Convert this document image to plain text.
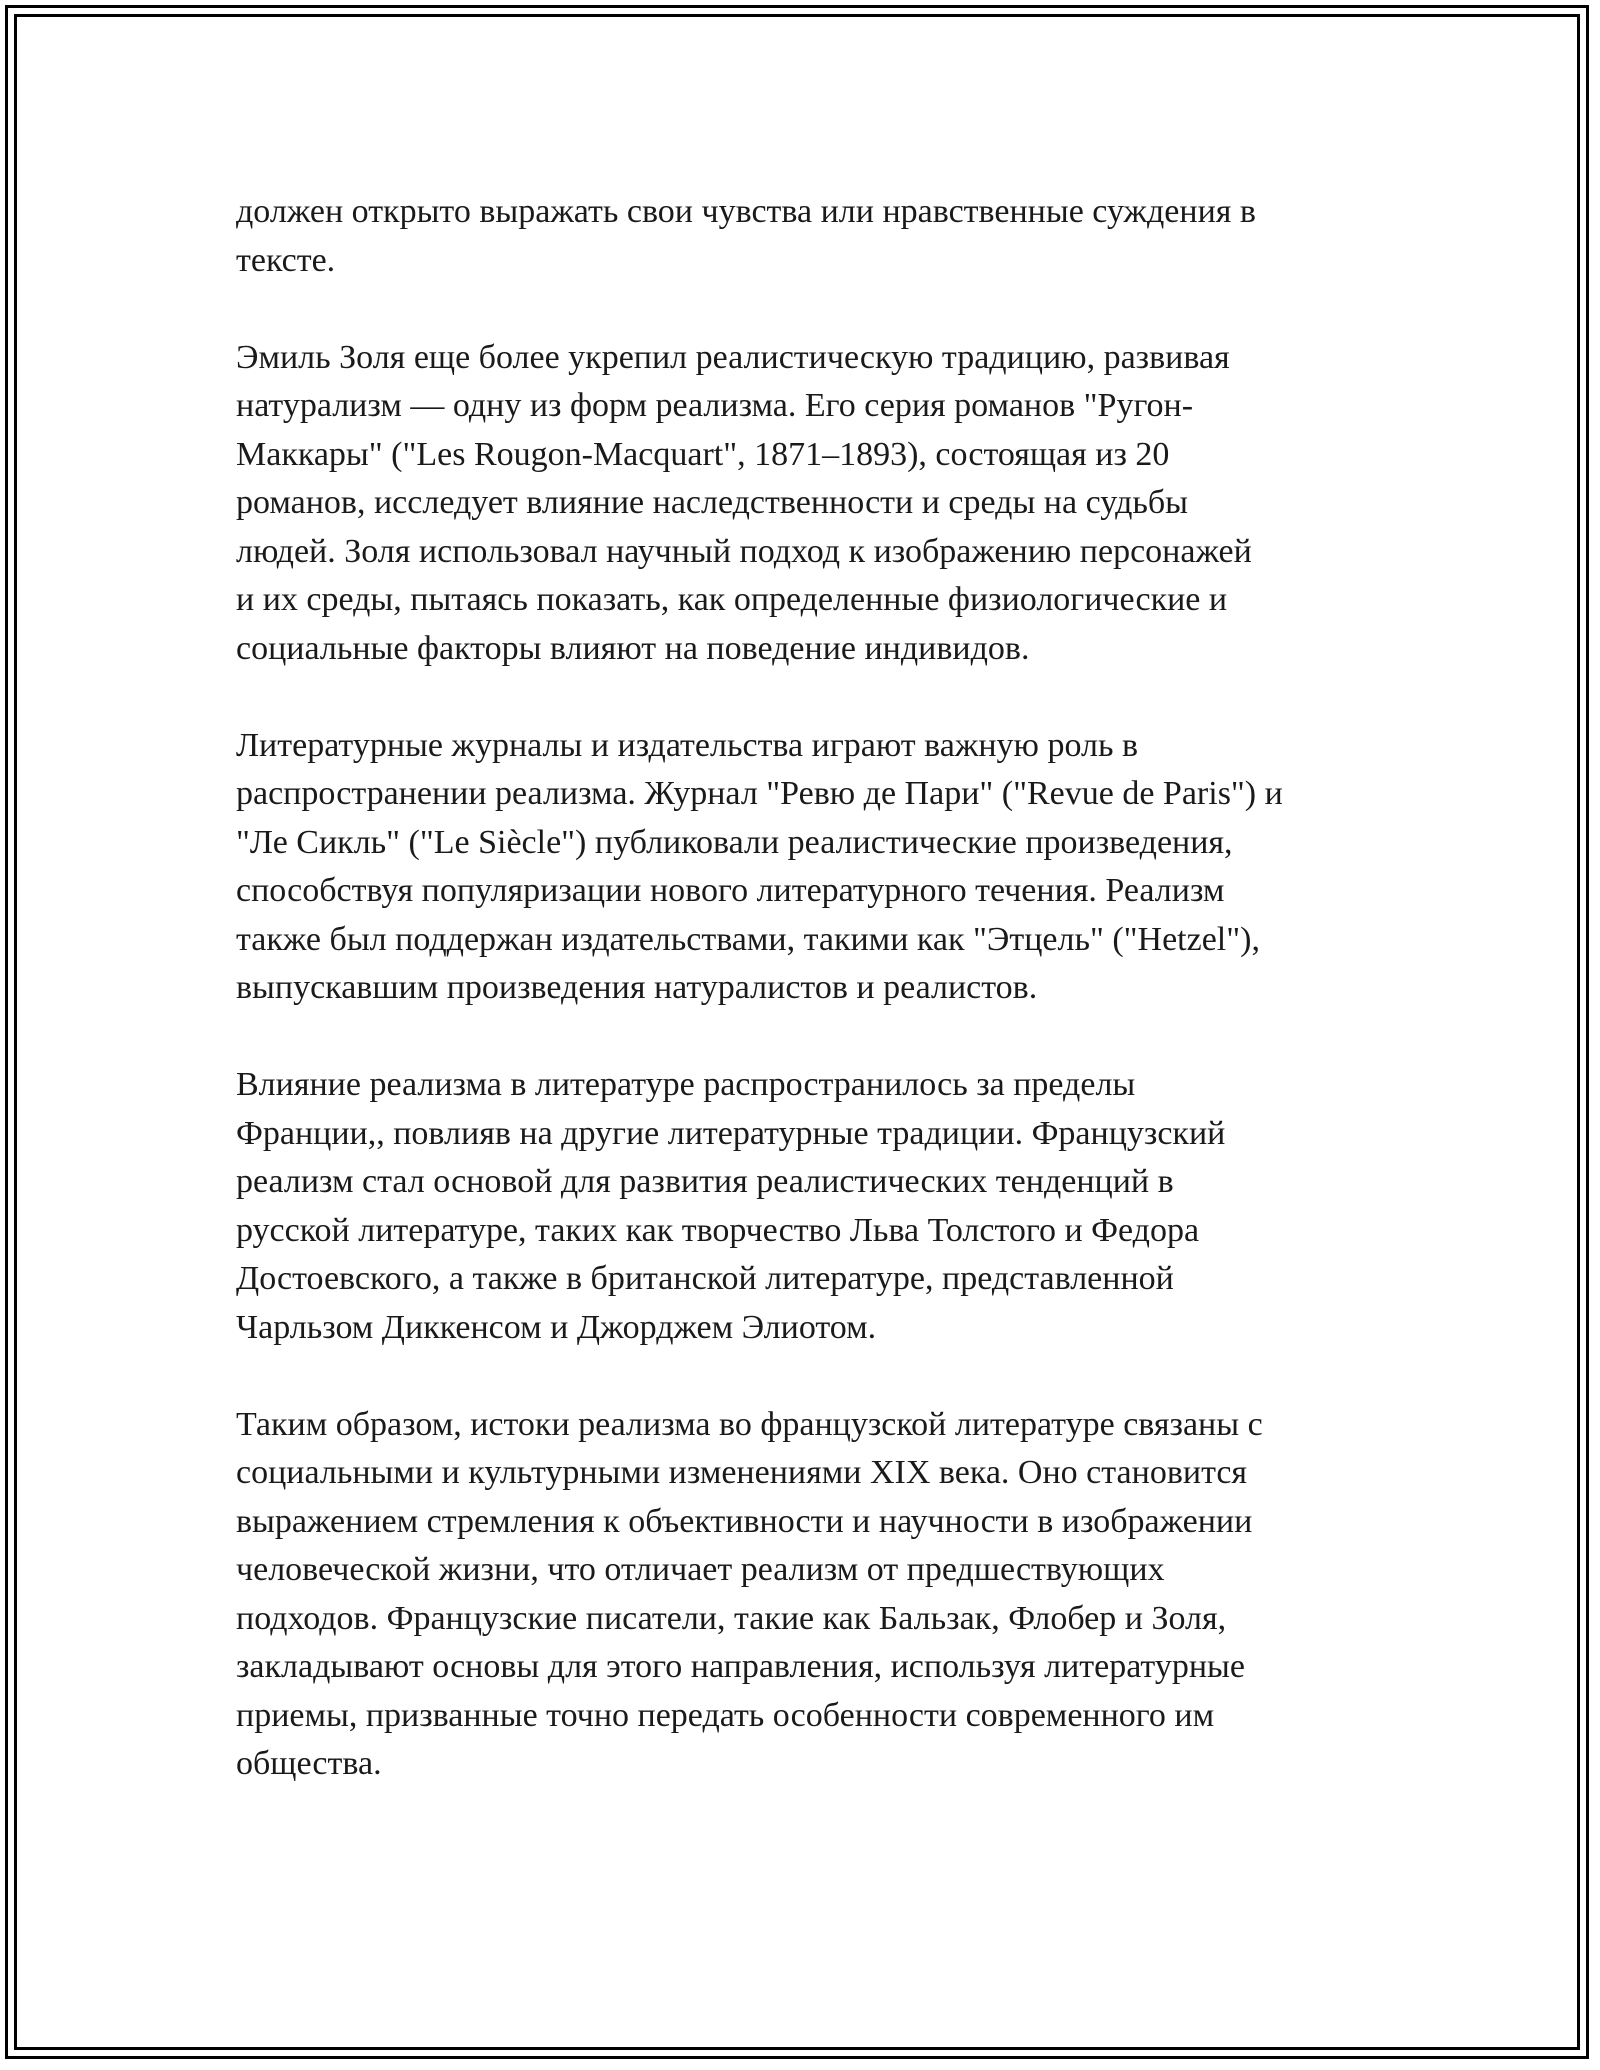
должен открыто выражать свои чувства или нравственные суждения в
тексте.

Эмиль Золя еще более укрепил реалистическую традицию, развивая
натурализм — одну из форм реализма. Его серия романов "Ругон-
Маккары" ("Les Rougon-Macquart", 1871–1893), состоящая из 20
романов, исследует влияние наследственности и среды на судьбы
людей. Золя использовал научный подход к изображению персонажей
и их среды, пытаясь показать, как определенные физиологические и
социальные факторы влияют на поведение индивидов.

Литературные журналы и издательства играют важную роль в
распространении реализма. Журнал "Ревю де Пари" ("Revue de Paris") и
"Ле Сикль" ("Le Siècle") публиковали реалистические произведения,
способствуя популяризации нового литературного течения. Реализм
также был поддержан издательствами, такими как "Этцель" ("Hetzel"),
выпускавшим произведения натуралистов и реалистов.

Влияние реализма в литературе распространилось за пределы
Франции,, повлияв на другие литературные традиции. Французский
реализм стал основой для развития реалистических тенденций в
русской литературе, таких как творчество Льва Толстого и Федора
Достоевского, а также в британской литературе, представленной
Чарльзом Диккенсом и Джорджем Элиотом.

Таким образом, истоки реализма во французской литературе связаны с
социальными и культурными изменениями XIX века. Оно становится
выражением стремления к объективности и научности в изображении
человеческой жизни, что отличает реализм от предшествующих
подходов. Французские писатели, такие как Бальзак, Флобер и Золя,
закладывают основы для этого направления, используя литературные
приемы, призванные точно передать особенности современного им
общества.
